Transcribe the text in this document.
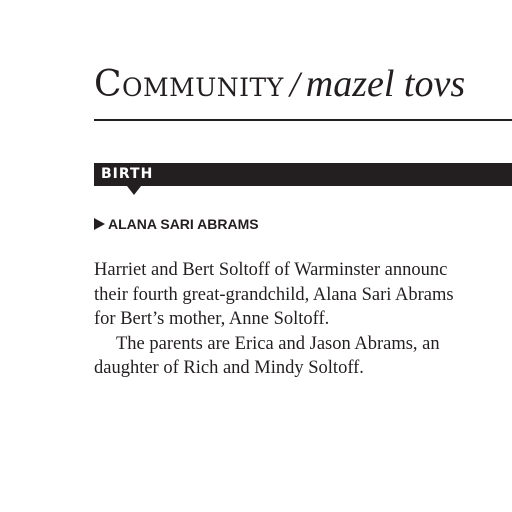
Community / mazel tovs
BIRTH
ALANA SARI ABRAMS
Harriet and Bert Soltoff of Warminster announc
their fourth great-grandchild, Alana Sari Abrams
for Bert’s mother, Anne Soltoff.
The parents are Erica and Jason Abrams, an
daughter of Rich and Mindy Soltoff.
